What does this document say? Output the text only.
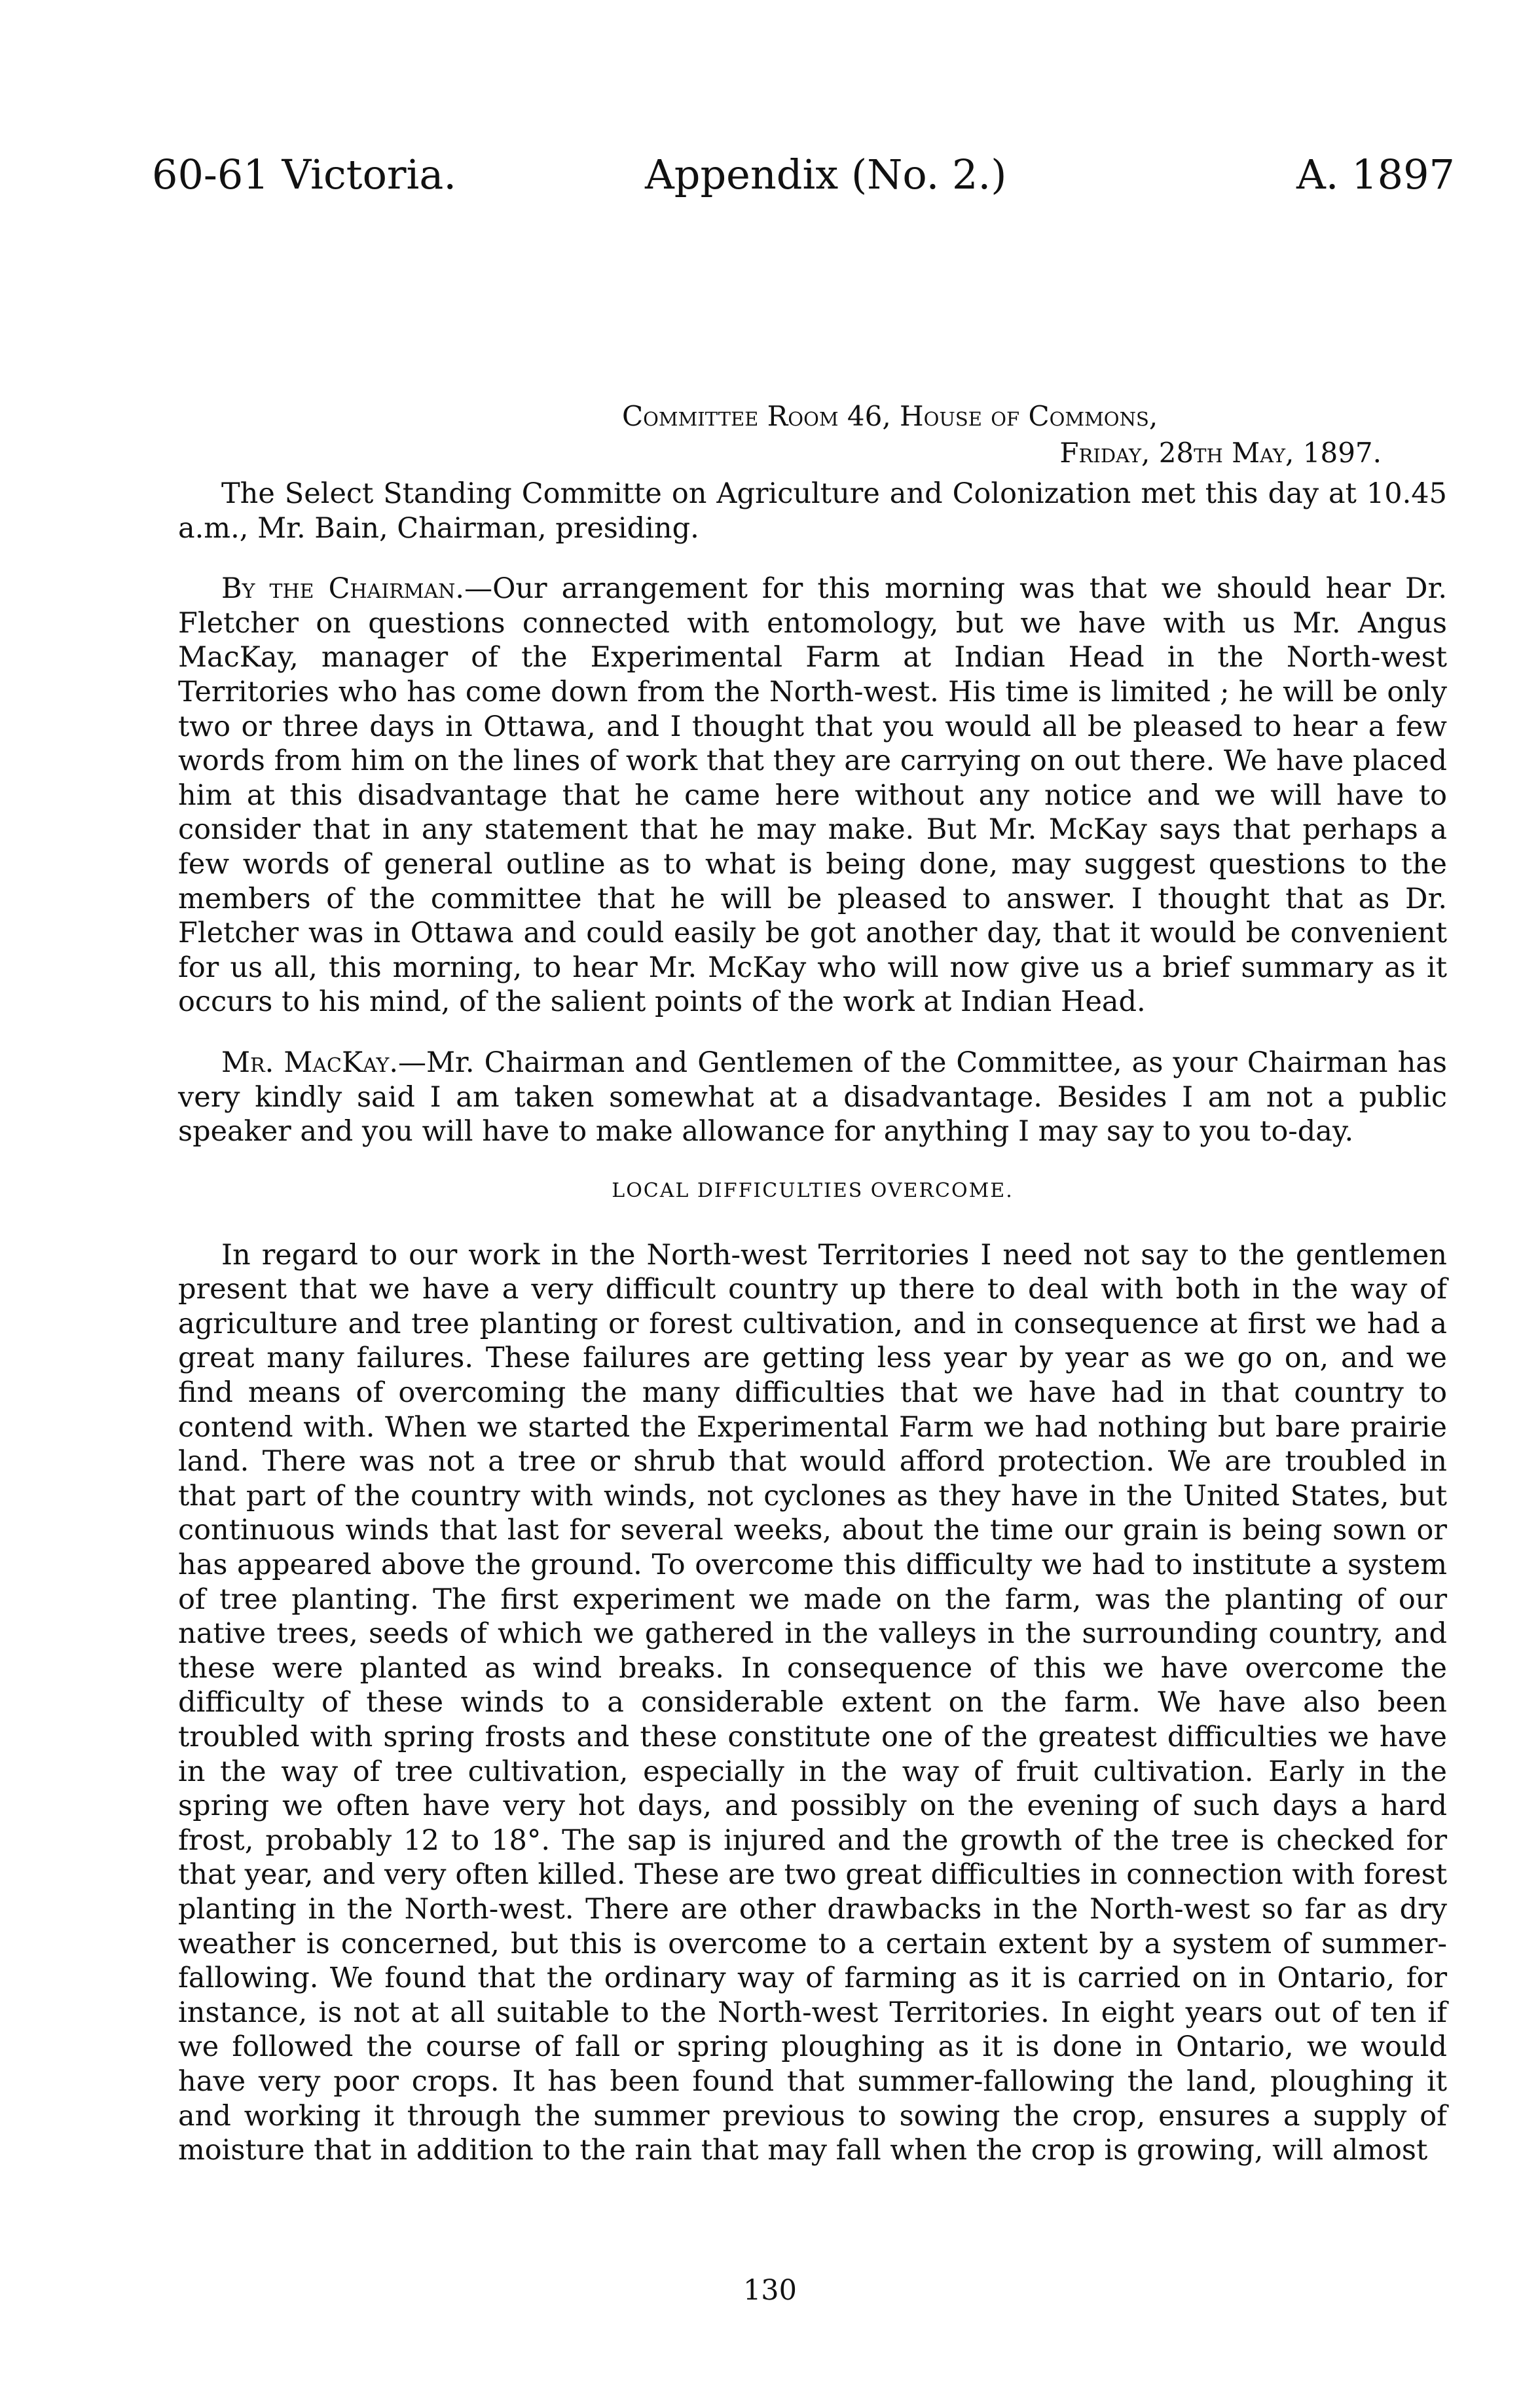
60-61 Victoria.	Appendix (No. 2.)	A. 1897
Committee Room 46, House of Commons,
Friday, 28th May, 1897.

The Select Standing Committe on Agriculture and Colonization met this day at 10.45 a.m., Mr. Bain, Chairman, presiding.

By the Chairman.—Our arrangement for this morning was that we should hear Dr. Fletcher on questions connected with entomology, but we have with us Mr. Angus MacKay, manager of the Experimental Farm at Indian Head in the North-west Territories who has come down from the North-west. His time is limited ; he will be only two or three days in Ottawa, and I thought that you would all be pleased to hear a few words from him on the lines of work that they are carrying on out there. We have placed him at this disadvantage that he came here without any notice and we will have to consider that in any statement that he may make. But Mr. McKay says that perhaps a few words of general outline as to what is being done, may suggest questions to the members of the committee that he will be pleased to answer. I thought that as Dr. Fletcher was in Ottawa and could easily be got another day, that it would be convenient for us all, this morning, to hear Mr. McKay who will now give us a brief summary as it occurs to his mind, of the salient points of the work at Indian Head.

Mr. MacKay.—Mr. Chairman and Gentlemen of the Committee, as your Chairman has very kindly said I am taken somewhat at a disadvantage. Besides I am not a public speaker and you will have to make allowance for anything I may say to you to-day.

LOCAL DIFFICULTIES OVERCOME.

In regard to our work in the North-west Territories I need not say to the gentlemen present that we have a very difficult country up there to deal with both in the way of agriculture and tree planting or forest cultivation, and in consequence at first we had a great many failures. These failures are getting less year by year as we go on, and we find means of overcoming the many difficulties that we have had in that country to contend with. When we started the Experimental Farm we had nothing but bare prairie land. There was not a tree or shrub that would afford protection. We are troubled in that part of the country with winds, not cyclones as they have in the United States, but continuous winds that last for several weeks, about the time our grain is being sown or has appeared above the ground. To overcome this difficulty we had to institute a system of tree planting. The first experiment we made on the farm, was the planting of our native trees, seeds of which we gathered in the valleys in the surrounding country, and these were planted as wind breaks. In consequence of this we have overcome the difficulty of these winds to a considerable extent on the farm. We have also been troubled with spring frosts and these constitute one of the greatest difficulties we have in the way of tree cultivation, especially in the way of fruit cultivation. Early in the spring we often have very hot days, and possibly on the evening of such days a hard frost, probably 12 to 18°. The sap is injured and the growth of the tree is checked for that year, and very often killed. These are two great difficulties in connection with forest planting in the North-west. There are other drawbacks in the North-west so far as dry weather is concerned, but this is overcome to a certain extent by a system of summer-fallowing. We found that the ordinary way of farming as it is carried on in Ontario, for instance, is not at all suitable to the North-west Territories. In eight years out of ten if we followed the course of fall or spring ploughing as it is done in Ontario, we would have very poor crops. It has been found that summer-fallowing the land, ploughing it and working it through the summer previous to sowing the crop, ensures a supply of moisture that in addition to the rain that may fall when the crop is growing, will almost

130
